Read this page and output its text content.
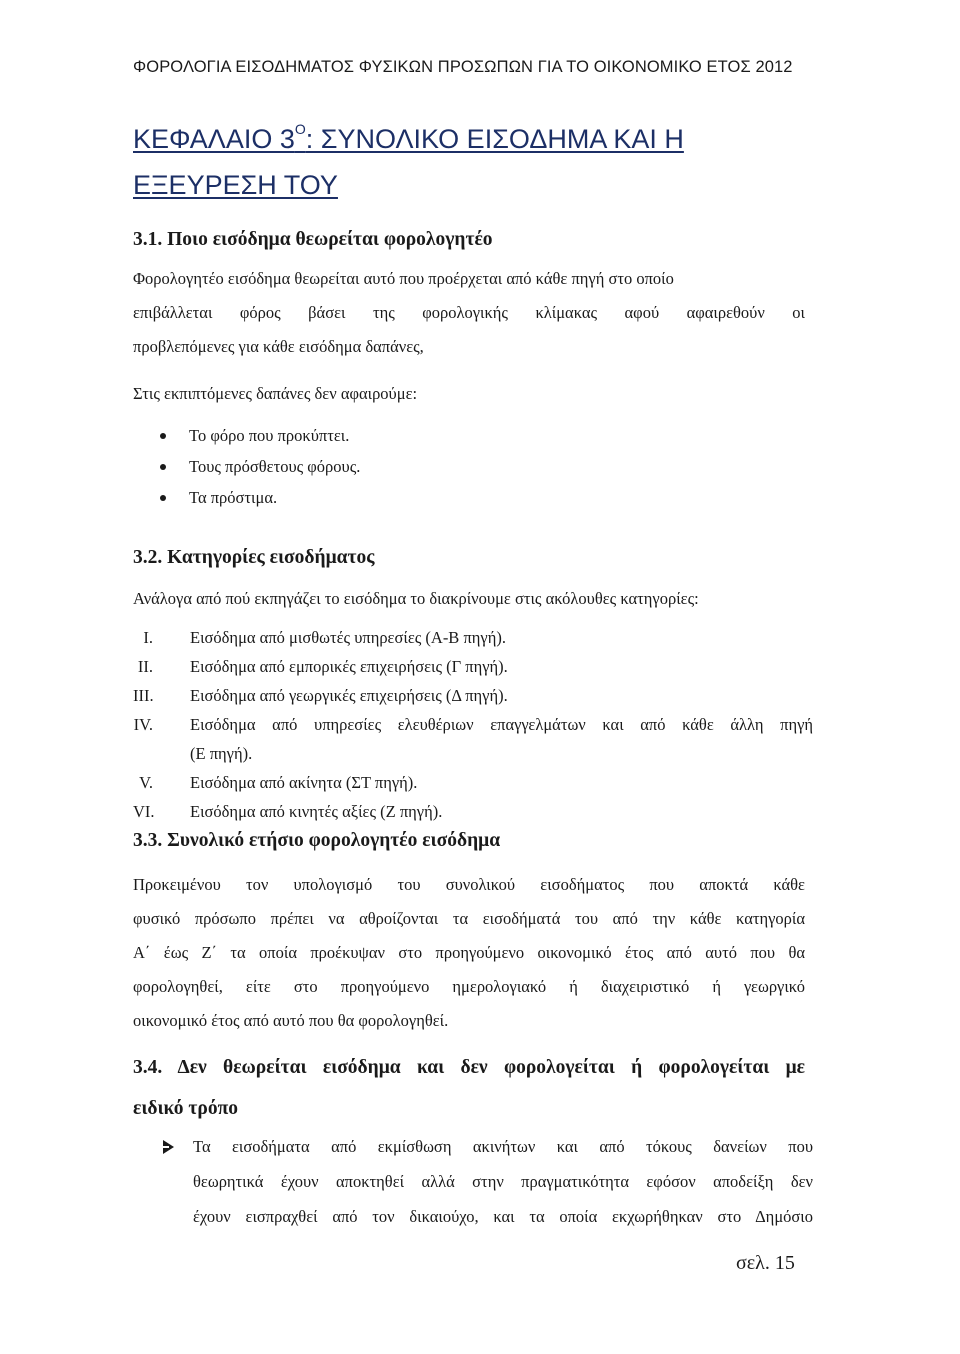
ΦΟΡΟΛΟΓΙΑ ΕΙΣΟΔΗΜΑΤΟΣ ΦΥΣΙΚΩΝ ΠΡΟΣΩΠΩΝ ΓΙΑ ΤΟ ΟΙΚΟΝΟΜΙΚΟ ΕΤΟΣ 2012
ΚΕΦΑΛΑΙΟ $3^O$: ΣΥΝΟΛΙΚΟ ΕΙΣΟΔΗΜΑ ΚΑΙ Η
ΕΞΕΥΡΕΣΗ ΤΟΥ
3.1. Ποιο εισόδημα θεωρείται φορολογητέο
Φορολογητέο εισόδημα θεωρείται αυτό που προέρχεται από κάθε πηγή στο οποίο
επιβάλλεται φόρος βάσει της φορολογικής κλίμακας αφού αφαιρεθούν οι
προβλεπόμενες για κάθε εισόδημα δαπάνες,
Στις εκπιπτόμενες δαπάνες δεν αφαιρούμε:
Το φόρο που προκύπτει.
Τους πρόσθετους φόρους.
Τα πρόστιμα.
3.2. Κατηγορίες εισοδήματος
Ανάλογα από πού εκπηγάζει το εισόδημα το διακρίνουμε στις ακόλουθες κατηγορίες:
I. Εισόδημα από μισθωτές υπηρεσίες (Α-Β πηγή).
II. Εισόδημα από εμπορικές επιχειρήσεις (Γ πηγή).
III. Εισόδημα από γεωργικές επιχειρήσεις (Δ πηγή).
IV. Εισόδημα από υπηρεσίες ελευθέριων επαγγελμάτων και από κάθε άλλη πηγή
(Ε πηγή).
V. Εισόδημα από ακίνητα (ΣΤ πηγή).
VI. Εισόδημα από κινητές αξίες (Ζ πηγή).
3.3. Συνολικό ετήσιο φορολογητέο εισόδημα
Προκειμένου τον υπολογισμό του συνολικού εισοδήματος που αποκτά κάθε
φυσικό πρόσωπο πρέπει να αθροίζονται τα εισοδήματά του από την κάθε κατηγορία
Α΄ έως Ζ΄ τα οποία προέκυψαν στο προηγούμενο οικονομικό έτος από αυτό που θα
φορολογηθεί, είτε στο προηγούμενο ημερολογιακό ή διαχειριστικό ή γεωργικό
οικονομικό έτος από αυτό που θα φορολογηθεί.
3.4. Δεν θεωρείται εισόδημα και δεν φορολογείται ή φορολογείται με
ειδικό τρόπο
Τα εισοδήματα από εκμίσθωση ακινήτων και από τόκους δανείων που
θεωρητικά έχουν αποκτηθεί αλλά στην πραγματικότητα εφόσον αποδείξη δεν
έχουν εισπραχθεί από τον δικαιούχο, και τα οποία εκχωρήθηκαν στο Δημόσιο
σελ. 15
